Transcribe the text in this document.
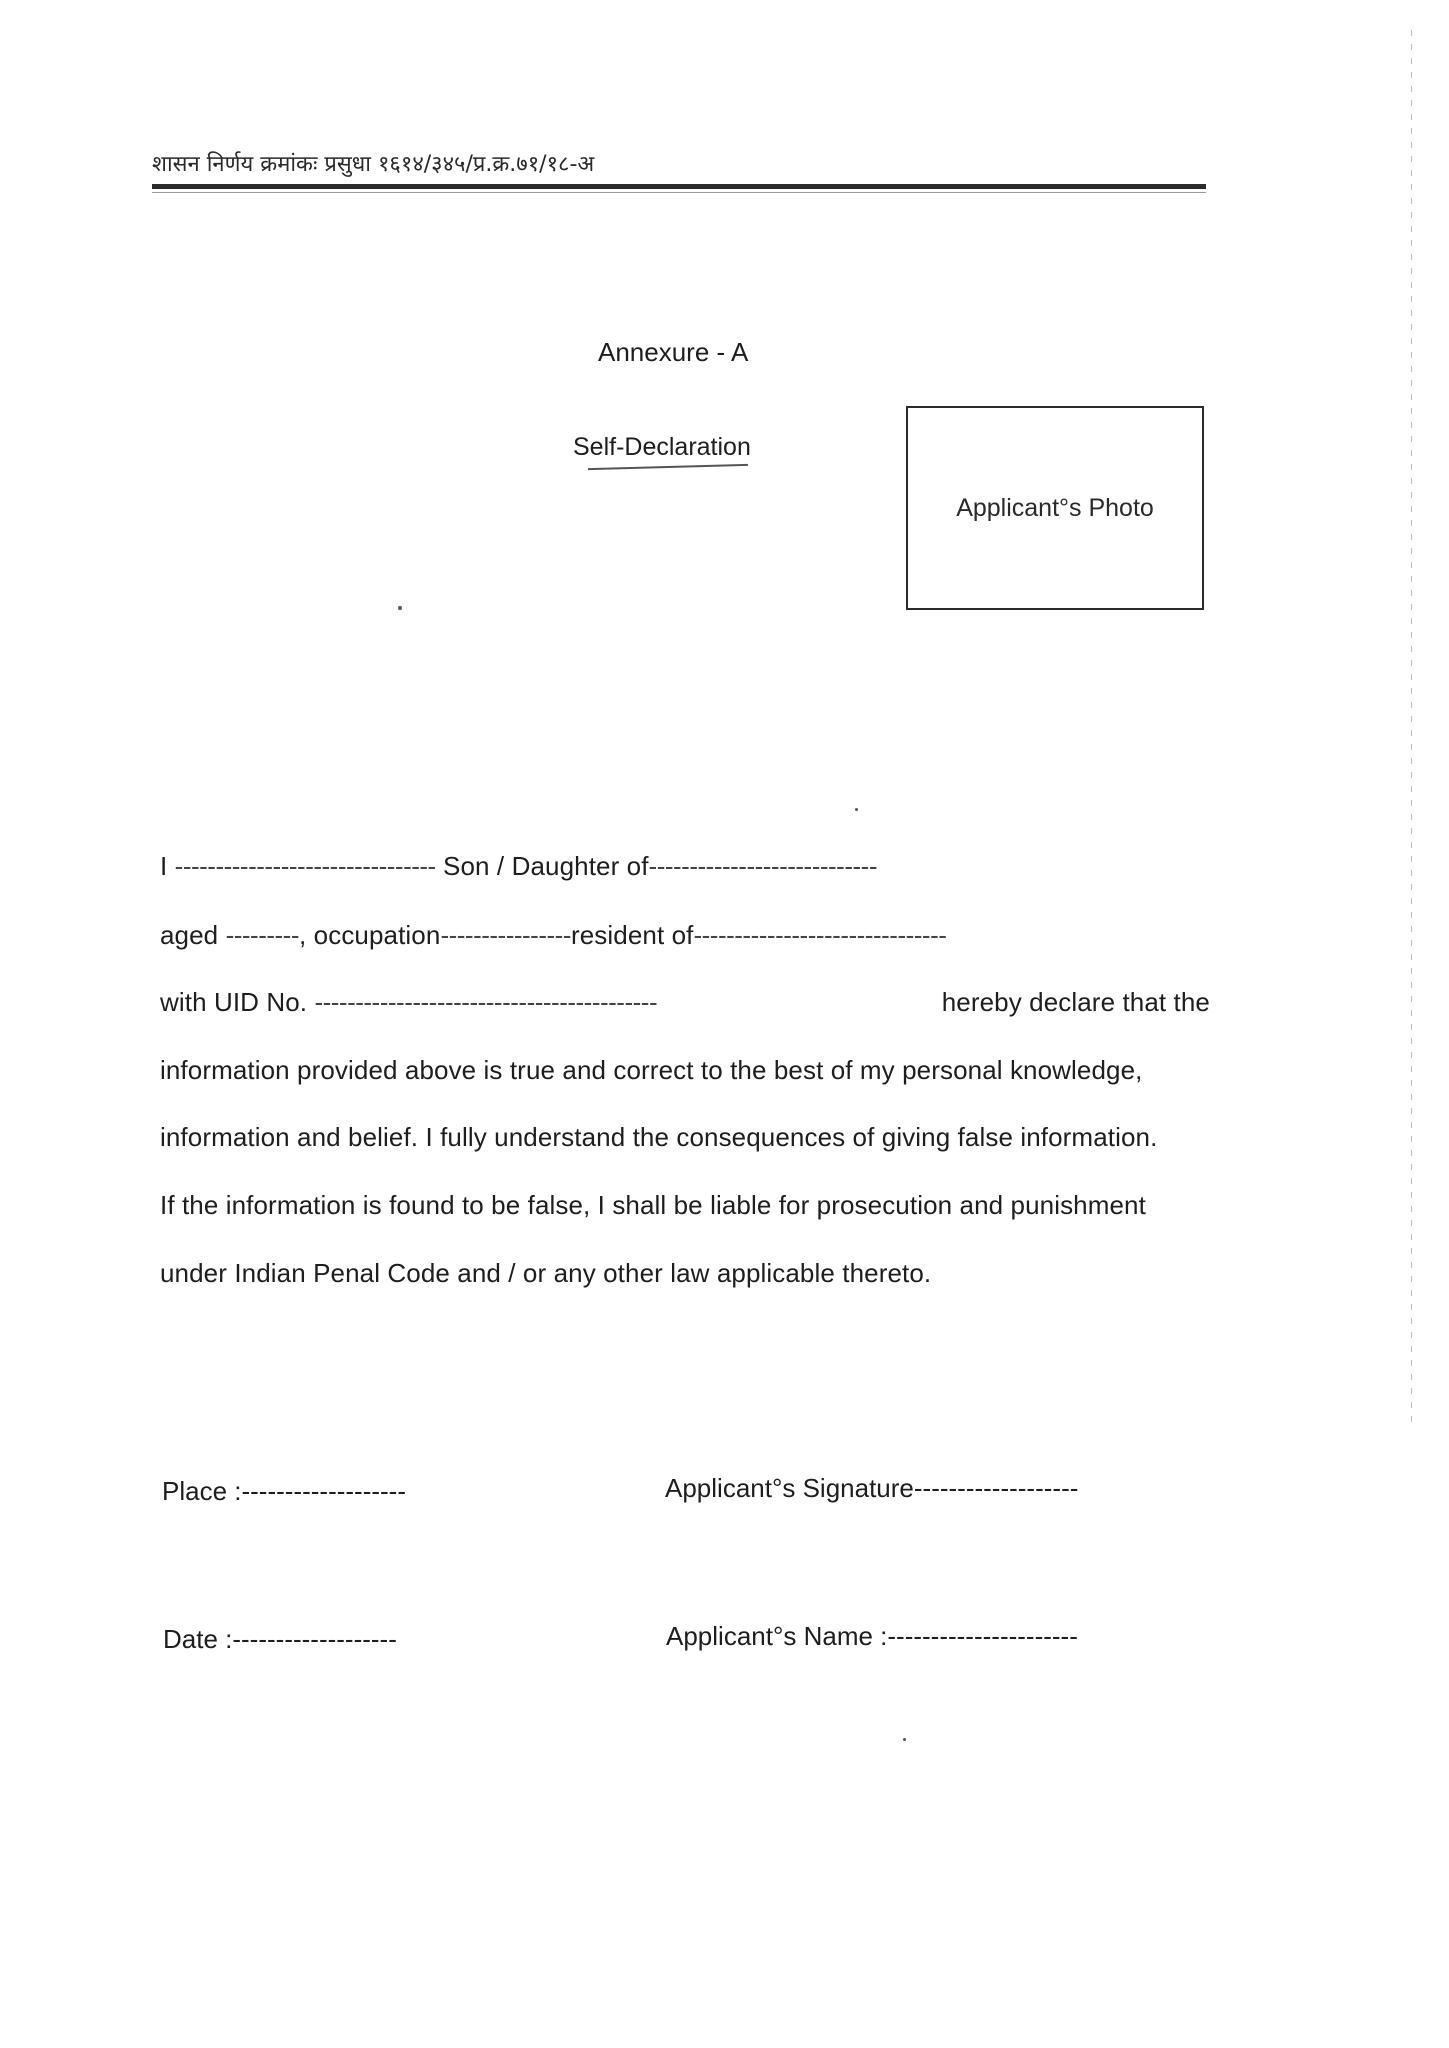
शासन निर्णय क्रमांकः प्रसुधा १६१४/३४५/प्र.क्र.७१/१८-अ
Annexure - A
Self-Declaration
Applicant°s Photo
I -------------------------------- Son / Daughter of----------------------------
aged ---------, occupation----------------resident of-------------------------------
with UID No. ------------------------------------------	hereby declare that the
information provided above is true and correct to the best of my personal knowledge,
information and belief. I fully understand the consequences of giving false information.
If the information is found to be false, I shall be liable for prosecution and punishment
under Indian Penal Code and / or any other law applicable thereto.
Place :-------------------	Applicant°s Signature-------------------
Date :-------------------	Applicant°s Name :----------------------
